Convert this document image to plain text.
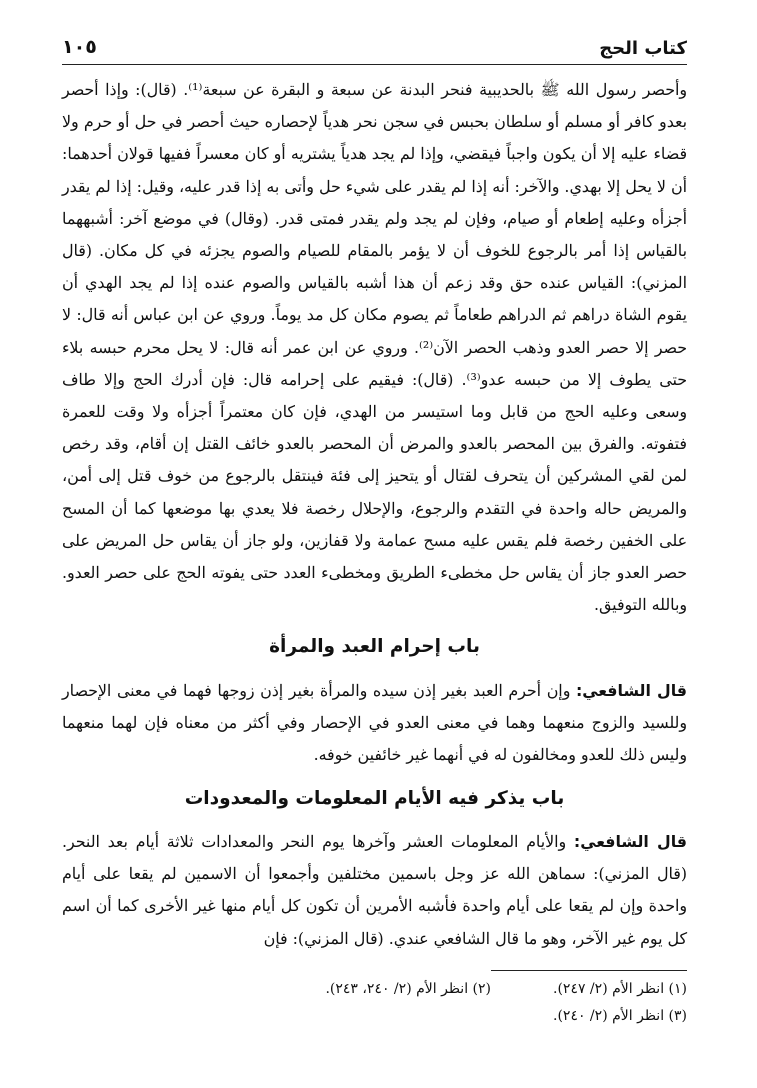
كتاب الحج
١٠٥

وأحصر رسول الله ﷺ بالحديبية فنحر البدنة عن سبعة و البقرة عن سبعة⁽¹⁾. (قال): وإذا أحصر بعدو كافر أو مسلم أو سلطان بحبس في سجن نحر هدياً لإحصاره حيث أحصر في حل أو حرم ولا قضاء عليه إلا أن يكون واجباً فيقضي، وإذا لم يجد هدياً يشتريه أو كان معسراً ففيها قولان أحدهما: أن لا يحل إلا بهدي. والآخر: أنه إذا لم يقدر على شيء حل وأتى به إذا قدر عليه، وقيل: إذا لم يقدر أجزأه وعليه إطعام أو صيام، وفإن لم يجد ولم يقدر فمتى قدر. (وقال) في موضع آخر: أشبههما بالقياس إذا أمر بالرجوع للخوف أن لا يؤمر بالمقام للصيام والصوم يجزئه في كل مكان. (قال المزني): القياس عنده حق وقد زعم أن هذا أشبه بالقياس والصوم عنده إذا لم يجد الهدي أن يقوم الشاة دراهم ثم الدراهم طعاماً ثم يصوم مكان كل مد يوماً. وروي عن ابن عباس أنه قال: لا حصر إلا حصر العدو وذهب الحصر الآن⁽²⁾. وروي عن ابن عمر أنه قال: لا يحل محرم حبسه بلاء حتى يطوف إلا من حبسه عدو⁽³⁾. (قال): فيقيم على إحرامه قال: فإن أدرك الحج وإلا طاف وسعى وعليه الحج من قابل وما استيسر من الهدي، فإن كان معتمراً أجزأه ولا وقت للعمرة فتفوته. والفرق بين المحصر بالعدو والمرض أن المحصر بالعدو خائف القتل إن أقام، وقد رخص لمن لقي المشركين أن يتحرف لقتال أو يتحيز إلى فئة فينتقل بالرجوع من خوف قتل إلى أمن، والمريض حاله واحدة في التقدم والرجوع، والإحلال رخصة فلا يعدي بها موضعها كما أن المسح على الخفين رخصة فلم يقس عليه مسح عمامة ولا قفازين، ولو جاز أن يقاس حل المريض على حصر العدو جاز أن يقاس حل مخطىء الطريق ومخطىء العدد حتى يفوته الحج على حصر العدو. وبالله التوفيق.

باب إحرام العبد والمرأة

قال الشافعي: وإن أحرم العبد بغير إذن سيده والمرأة بغير إذن زوجها فهما في معنى الإحصار وللسيد والزوج منعهما وهما في معنى العدو في الإحصار وفي أكثر من معناه فإن لهما منعهما وليس ذلك للعدو ومخالفون له في أنهما غير خائفين خوفه.

باب يذكر فيه الأيام المعلومات والمعدودات

قال الشافعي: والأيام المعلومات العشر وآخرها يوم النحر والمعدادات ثلاثة أيام بعد النحر. (قال المزني): سماهن الله عز وجل باسمين مختلفين وأجمعوا أن الاسمين لم يقعا على أيام واحدة وإن لم يقعا على أيام واحدة فأشبه الأمرين أن تكون كل أيام منها غير الأخرى كما أن اسم كل يوم غير الآخر، وهو ما قال الشافعي عندي. (قال المزني): فإن

(١) انظر الأم (٢/ ٢٤٧).(٢) انظر الأم (٢/ ٢٤٠، ٢٤٣).
(٣) انظر الأم (٢/ ٢٤٠).
